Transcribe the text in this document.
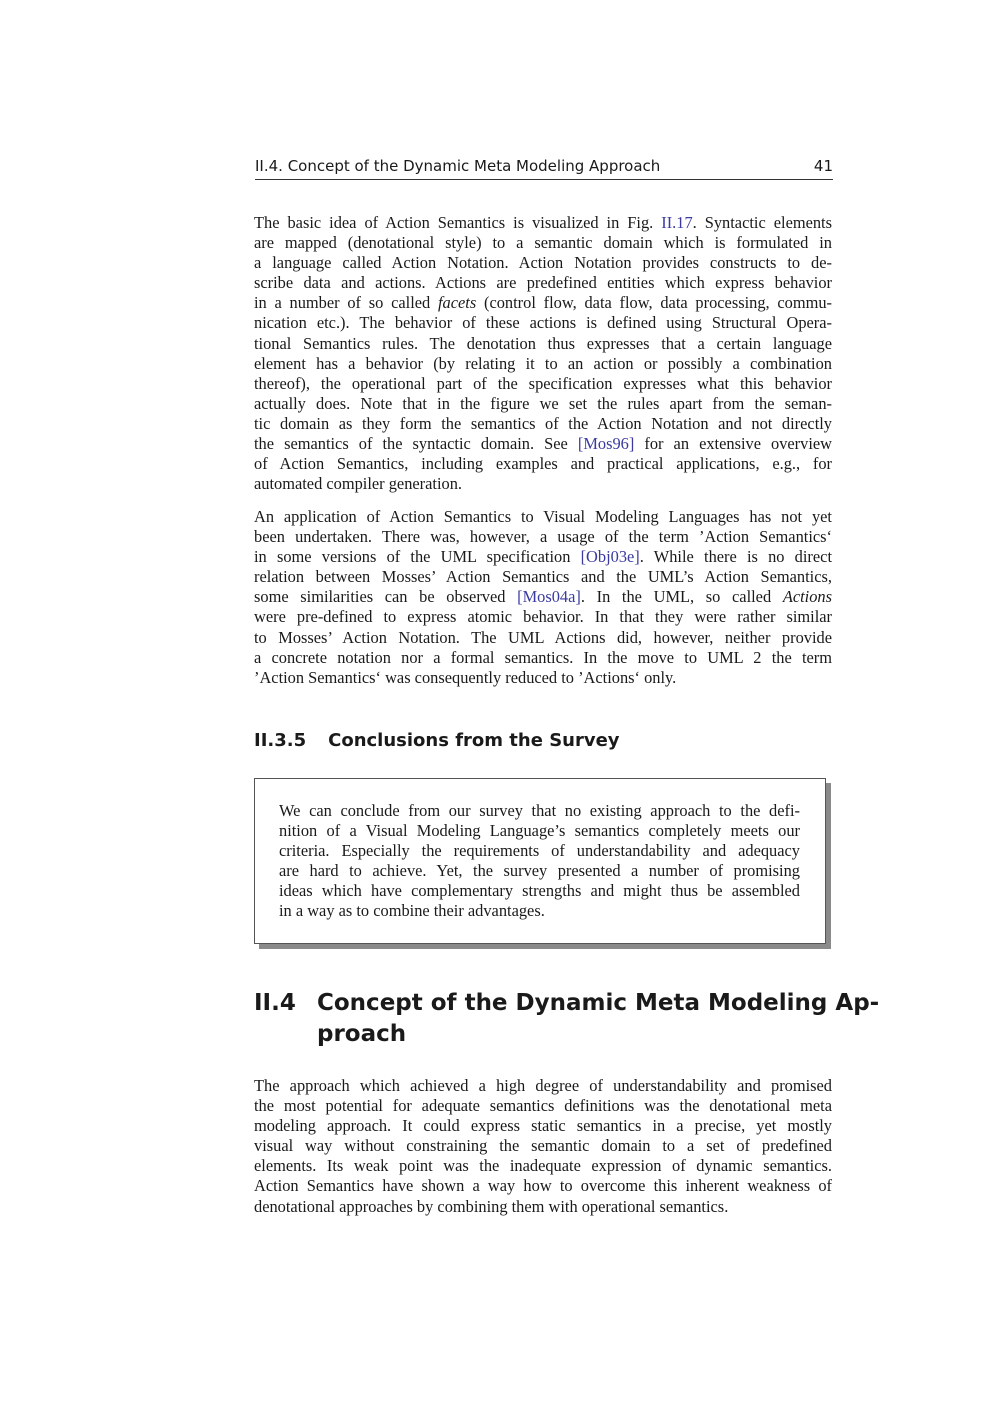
II.4. Concept of the Dynamic Meta Modeling Approach	41
The basic idea of Action Semantics is visualized in Fig. II.17. Syntactic elements
are mapped (denotational style) to a semantic domain which is formulated in
a language called Action Notation. Action Notation provides constructs to de-
scribe data and actions. Actions are predefined entities which express behavior
in a number of so called facets (control flow, data flow, data processing, commu-
nication etc.). The behavior of these actions is defined using Structural Opera-
tional Semantics rules. The denotation thus expresses that a certain language
element has a behavior (by relating it to an action or possibly a combination
thereof), the operational part of the specification expresses what this behavior
actually does. Note that in the figure we set the rules apart from the seman-
tic domain as they form the semantics of the Action Notation and not directly
the semantics of the syntactic domain. See [Mos96] for an extensive overview
of Action Semantics, including examples and practical applications, e.g., for
automated compiler generation.
An application of Action Semantics to Visual Modeling Languages has not yet
been undertaken. There was, however, a usage of the term ’Action Semantics‘
in some versions of the UML specification [Obj03e]. While there is no direct
relation between Mosses’ Action Semantics and the UML’s Action Semantics,
some similarities can be observed [Mos04a]. In the UML, so called Actions
were pre-defined to express atomic behavior. In that they were rather similar
to Mosses’ Action Notation. The UML Actions did, however, neither provide
a concrete notation nor a formal semantics. In the move to UML 2 the term
’Action Semantics‘ was consequently reduced to ’Actions‘ only.
II.3.5 Conclusions from the Survey
We can conclude from our survey that no existing approach to the defi-
nition of a Visual Modeling Language’s semantics completely meets our
criteria. Especially the requirements of understandability and adequacy
are hard to achieve. Yet, the survey presented a number of promising
ideas which have complementary strengths and might thus be assembled
in a way as to combine their advantages.
II.4 Concept of the Dynamic Meta Modeling Ap-
proach
The approach which achieved a high degree of understandability and promised
the most potential for adequate semantics definitions was the denotational meta
modeling approach. It could express static semantics in a precise, yet mostly
visual way without constraining the semantic domain to a set of predefined
elements. Its weak point was the inadequate expression of dynamic semantics.
Action Semantics have shown a way how to overcome this inherent weakness of
denotational approaches by combining them with operational semantics.
